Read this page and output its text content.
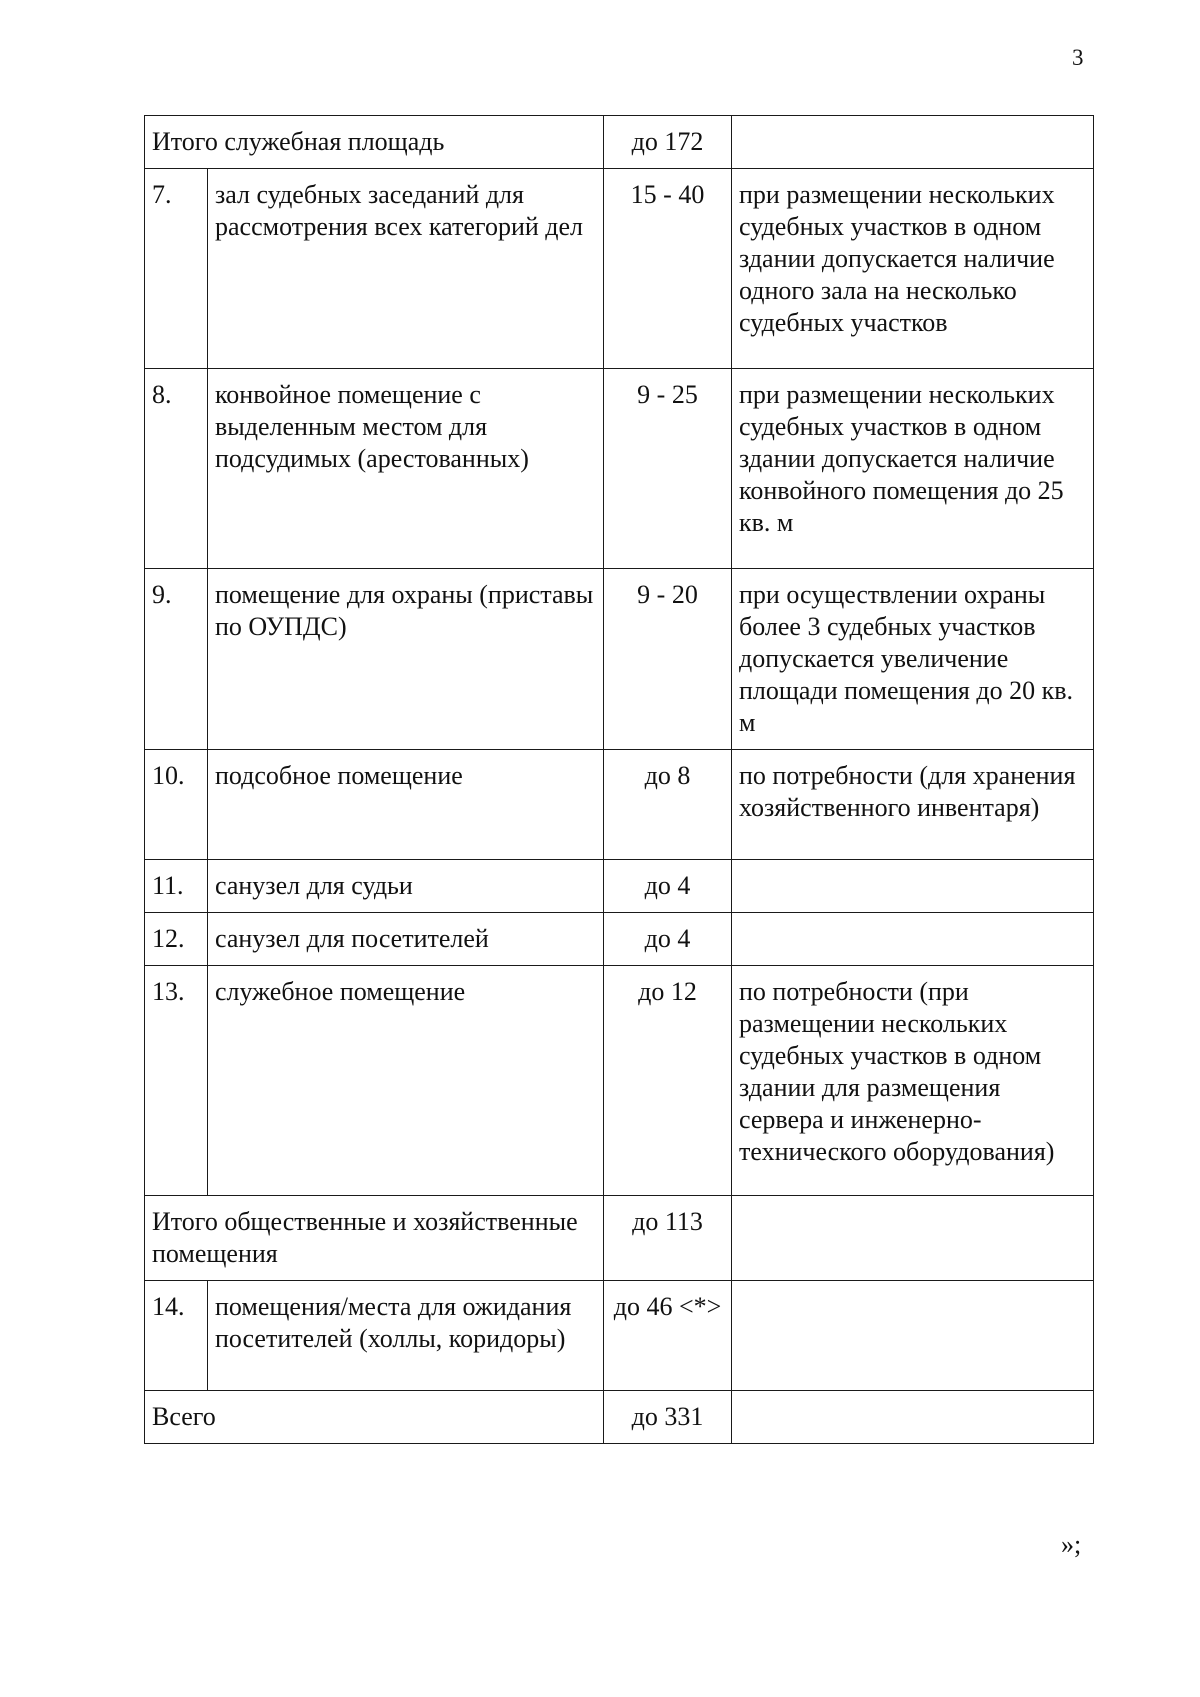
3
Итого служебная площадь		до 172	
7.	зал судебных заседаний для рассмотрения всех категорий дел	15 - 40	при размещении нескольких судебных участков в одном здании допускается наличие одного зала на несколько судебных участков
8.	конвойное помещение с выделенным местом для подсудимых (арестованных)	9 - 25	при размещении нескольких судебных участков в одном здании допускается наличие конвойного помещения до 25 кв. м
9.	помещение для охраны (приставы по ОУПДС)	9 - 20	при осуществлении охраны более 3 судебных участков допускается увеличение площади помещения до 20 кв. м
10.	подсобное помещение	до 8	по потребности (для хранения хозяйственного инвентаря)
11.	санузел для судьи	до 4	
12.	санузел для посетителей	до 4	
13.	служебное помещение	до 12	по потребности (при размещении нескольких судебных участков в одном здании для размещения сервера и инженерно-технического оборудования)
Итого общественные и хозяйственные помещения		до 113	
14.	помещения/места для ожидания посетителей (холлы, коридоры)	до 46 <*>	
Всего		до 331	
»;
